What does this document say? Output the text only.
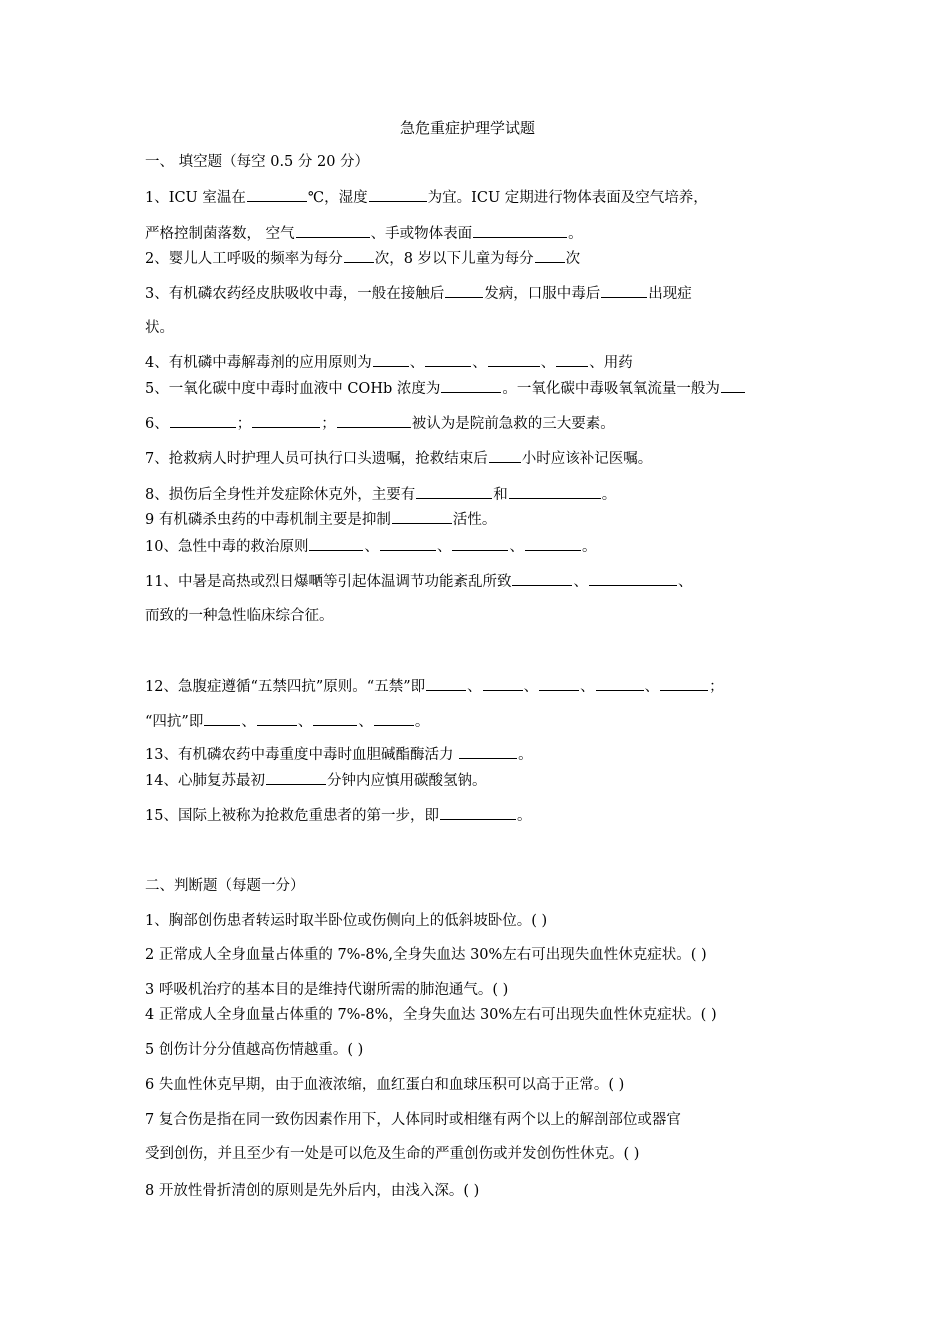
急危重症护理学试题
一、 填空题（每空 0.5 分 20 分）
1、ICU 室温在	℃，湿度	为宜。ICU 定期进行物体表面及空气培养，
严格控制菌落数， 空气	、手或物体表面	。
2、婴儿人工呼吸的频率为每分 次，8 岁以下儿童为每分 次
3、有机磷农药经皮肤吸收中毒，一般在接触后	发病，口服中毒后	出现症
状。
4、有机磷中毒解毒剂的应用原则为	、	、	、 、用药
5、一氧化碳中度中毒时血液中 COHb 浓度为	。一氧化碳中毒吸氧氧流量一般为
6、	；	；	被认为是院前急救的三大要素。
7、抢救病人时护理人员可执行口头遗嘱，抢救结束后 小时应该补记医嘱。
8、损伤后全身性并发症除休克外，主要有	和	。
9 有机磷杀虫药的中毒机制主要是抑制	活性。
10、急性中毒的救治原则	、	、	、	。
11、中暑是高热或烈日爆嗮等引起体温调节功能紊乱所致	、	、
而致的一种急性临床综合征。
12、急腹症遵循“五禁四抗”原则。“五禁”即	、	、	、	、	；
“四抗”即	、	、	、	。
13、有机磷农药中毒重度中毒时血胆碱酯酶活力	。
14、心肺复苏最初	分钟内应慎用碳酸氢钠。
15、国际上被称为抢救危重患者的第一步，即	。
二、判断题（每题一分）
1、胸部创伤患者转运时取半卧位或伤侧向上的低斜坡卧位。( )
2 正常成人全身血量占体重的 7%-8%,全身失血达 30%左右可出现失血性休克症状。( )
3 呼吸机治疗的基本目的是维持代谢所需的肺泡通气。( )
4 正常成人全身血量占体重的 7%-8%，全身失血达 30%左右可出现失血性休克症状。( )
5 创伤计分分值越高伤情越重。( )
6 失血性休克早期，由于血液浓缩，血红蛋白和血球压积可以高于正常。( )
7 复合伤是指在同一致伤因素作用下，人体同时或相继有两个以上的解剖部位或器官
受到创伤，并且至少有一处是可以危及生命的严重创伤或并发创伤性休克。( )
8 开放性骨折清创的原则是先外后内，由浅入深。( )
